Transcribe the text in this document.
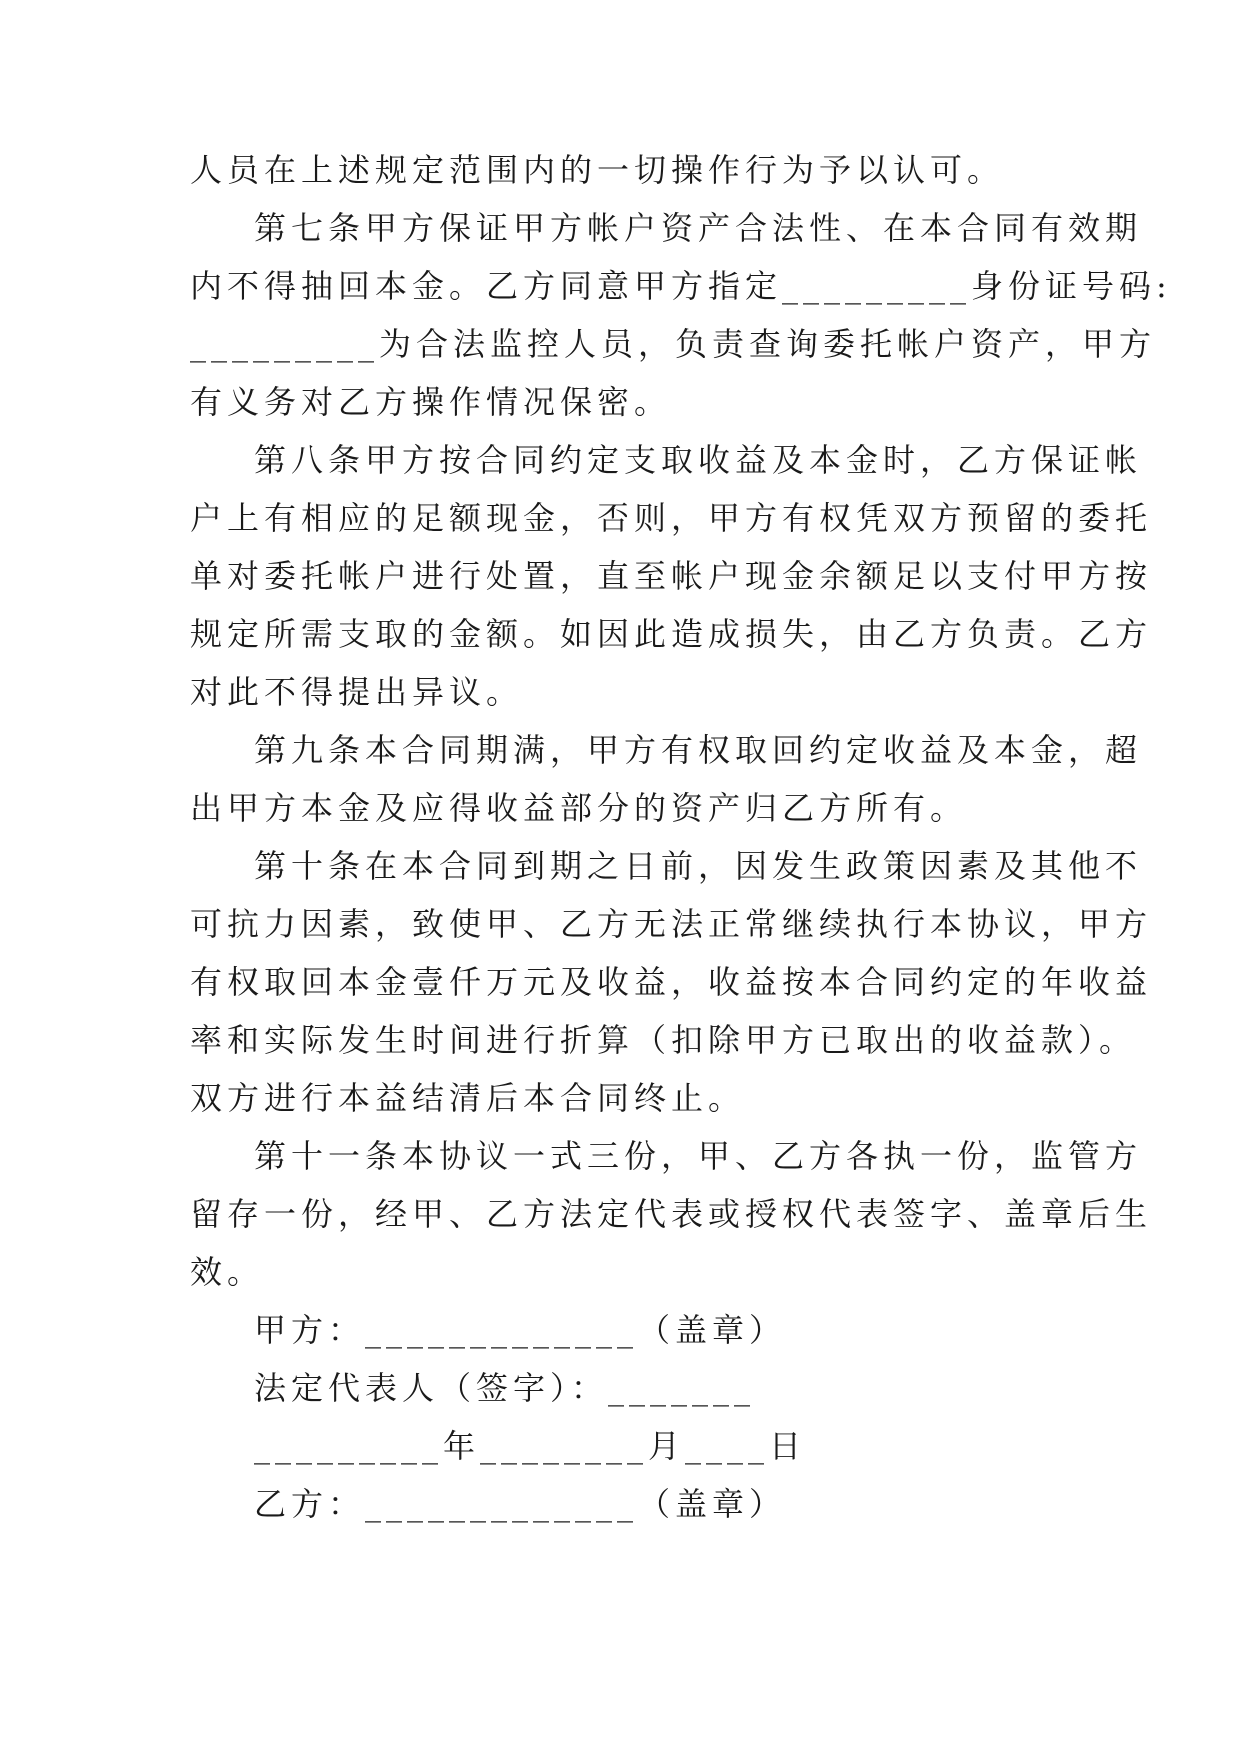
人员在上述规定范围内的一切操作行为予以认可。
第七条甲方保证甲方帐户资产合法性、在本合同有效期
内不得抽回本金。乙方同意甲方指定_________身份证号码:
_________为合法监控人员，负责查询委托帐户资产，甲方
有义务对乙方操作情况保密。
第八条甲方按合同约定支取收益及本金时，乙方保证帐
户上有相应的足额现金，否则，甲方有权凭双方预留的委托
单对委托帐户进行处置，直至帐户现金余额足以支付甲方按
规定所需支取的金额。如因此造成损失，由乙方负责。乙方
对此不得提出异议。
第九条本合同期满，甲方有权取回约定收益及本金，超
出甲方本金及应得收益部分的资产归乙方所有。
第十条在本合同到期之日前，因发生政策因素及其他不
可抗力因素，致使甲、乙方无法正常继续执行本协议，甲方
有权取回本金壹仟万元及收益，收益按本合同约定的年收益
率和实际发生时间进行折算（扣除甲方已取出的收益款）。
双方进行本益结清后本合同终止。
第十一条本协议一式三份，甲、乙方各执一份，监管方
留存一份，经甲、乙方法定代表或授权代表签字、盖章后生
效。
甲方：_____________（盖章）
法定代表人（签字）：_______
_________年________月____日
乙方：_____________（盖章）
